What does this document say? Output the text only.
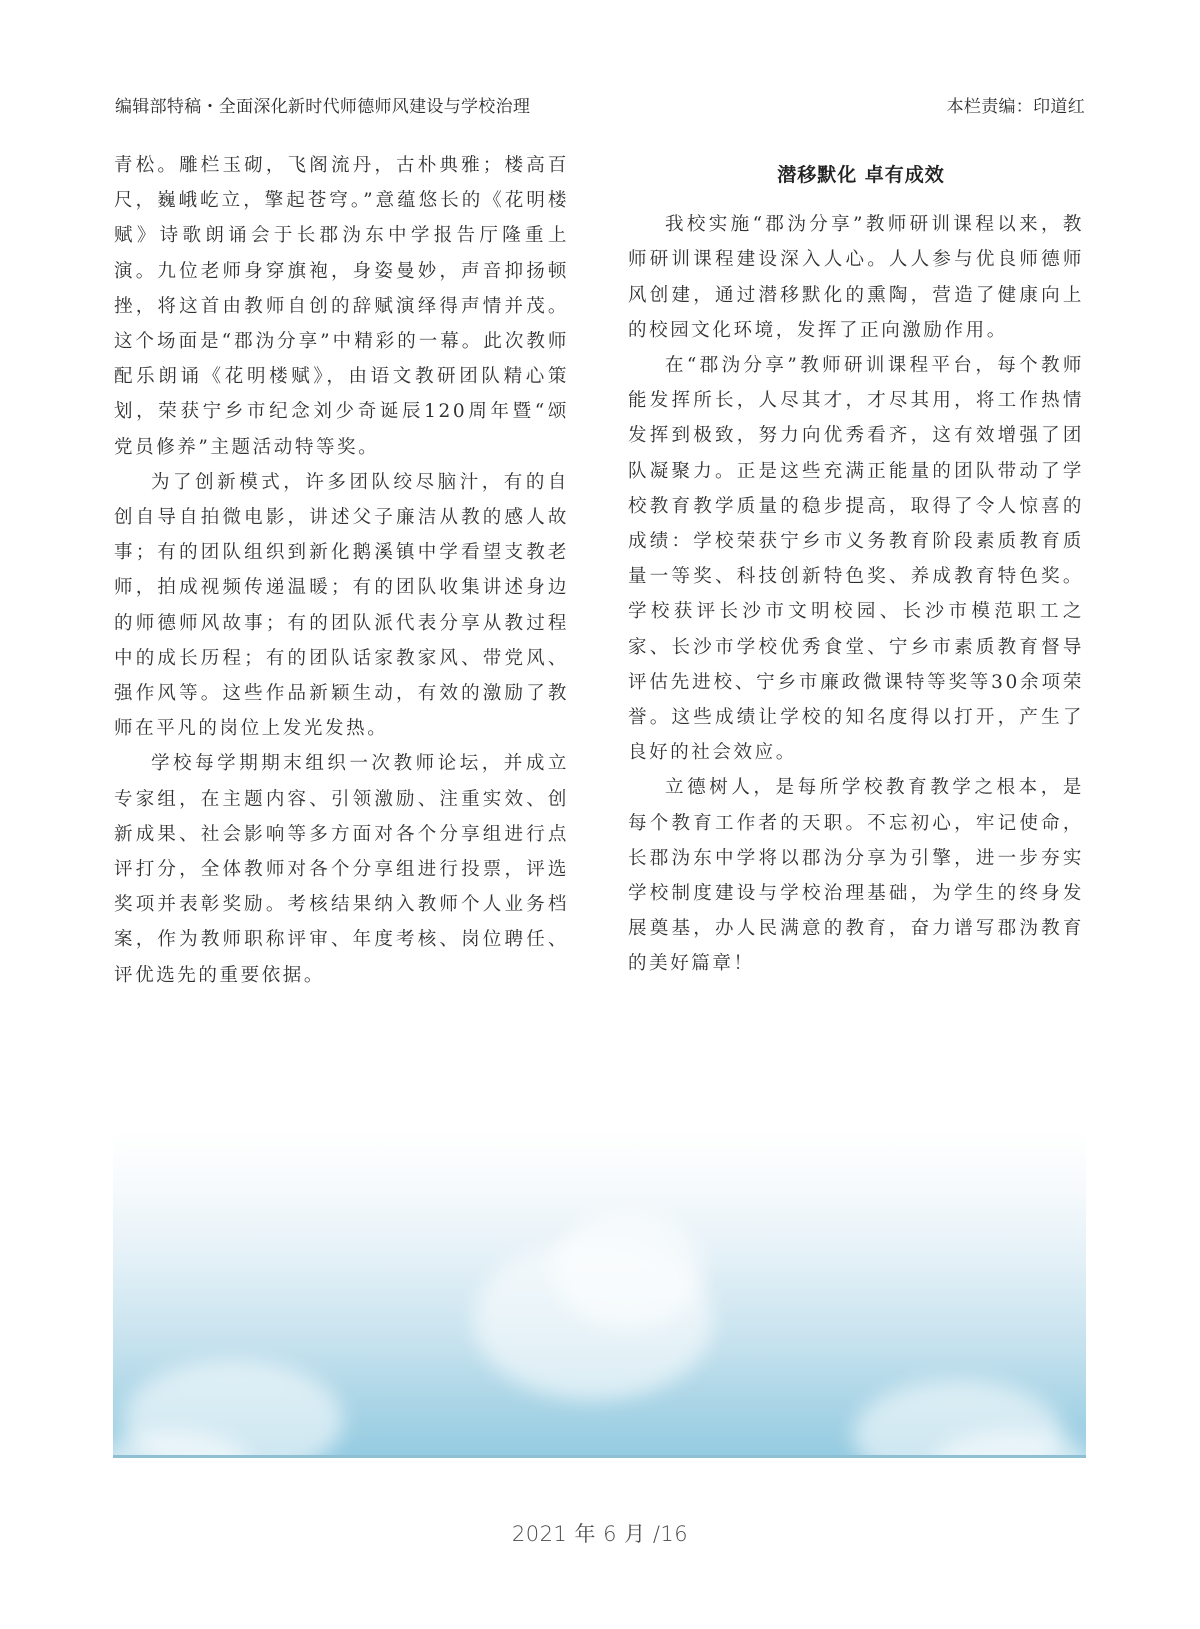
编辑部特稿・全面深化新时代师德师风建设与学校治理	本栏责编：印道红

青松。雕栏玉砌，飞阁流丹，古朴典雅；楼高百尺，巍峨屹立，擎起苍穹。”意蕴悠长的《花明楼赋》诗歌朗诵会于长郡沩东中学报告厅隆重上演。九位老师身穿旗袍，身姿曼妙，声音抑扬顿挫，将这首由教师自创的辞赋演绎得声情并茂。这个场面是“郡沩分享”中精彩的一幕。此次教师配乐朗诵《花明楼赋》，由语文教研团队精心策划，荣获宁乡市纪念刘少奇诞辰120周年暨“颂党员修养”主题活动特等奖。

为了创新模式，许多团队绞尽脑汁，有的自创自导自拍微电影，讲述父子廉洁从教的感人故事；有的团队组织到新化鹅溪镇中学看望支教老师，拍成视频传递温暖；有的团队收集讲述身边的师德师风故事；有的团队派代表分享从教过程中的成长历程；有的团队话家教家风、带党风、强作风等。这些作品新颖生动，有效的激励了教师在平凡的岗位上发光发热。

学校每学期期末组织一次教师论坛，并成立专家组，在主题内容、引领激励、注重实效、创新成果、社会影响等多方面对各个分享组进行点评打分，全体教师对各个分享组进行投票，评选奖项并表彰奖励。考核结果纳入教师个人业务档案，作为教师职称评审、年度考核、岗位聘任、评优选先的重要依据。

潜移默化 卓有成效

我校实施“郡沩分享”教师研训课程以来，教师研训课程建设深入人心。人人参与优良师德师风创建，通过潜移默化的熏陶，营造了健康向上的校园文化环境，发挥了正向激励作用。

在“郡沩分享”教师研训课程平台，每个教师能发挥所长，人尽其才，才尽其用，将工作热情发挥到极致，努力向优秀看齐，这有效增强了团队凝聚力。正是这些充满正能量的团队带动了学校教育教学质量的稳步提高，取得了令人惊喜的成绩：学校荣获宁乡市义务教育阶段素质教育质量一等奖、科技创新特色奖、养成教育特色奖。学校获评长沙市文明校园、长沙市模范职工之家、长沙市学校优秀食堂、宁乡市素质教育督导评估先进校、宁乡市廉政微课特等奖等30余项荣誉。这些成绩让学校的知名度得以打开，产生了良好的社会效应。

立德树人，是每所学校教育教学之根本，是每个教育工作者的天职。不忘初心，牢记使命，长郡沩东中学将以郡沩分享为引擎，进一步夯实学校制度建设与学校治理基础，为学生的终身发展奠基，办人民满意的教育，奋力谱写郡沩教育的美好篇章！

2021 年 6 月 /16
